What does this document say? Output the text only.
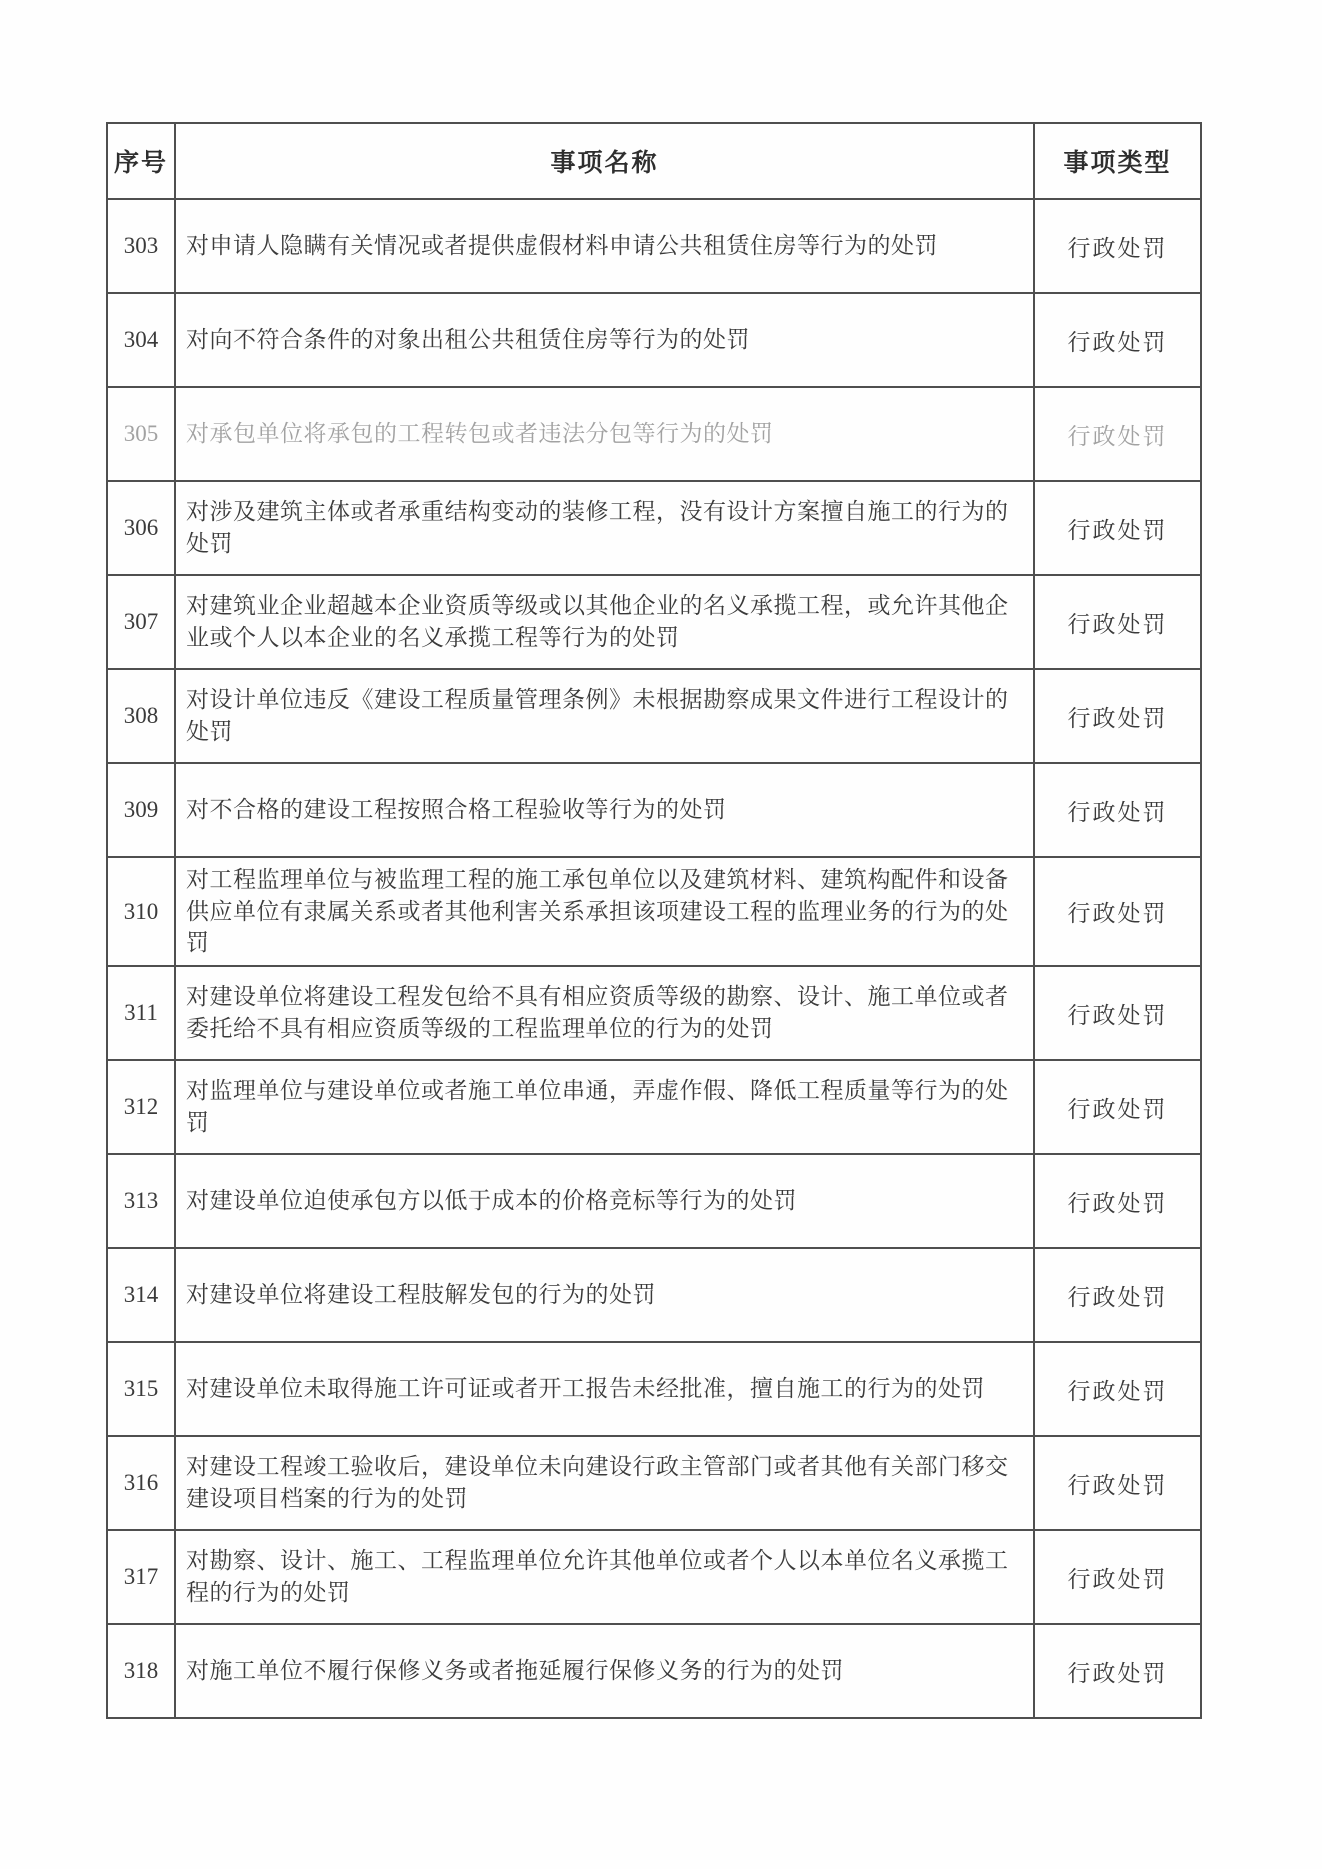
序号	事项名称	事项类型
303	对申请人隐瞒有关情况或者提供虚假材料申请公共租赁住房等行为的处罚	行政处罚
304	对向不符合条件的对象出租公共租赁住房等行为的处罚	行政处罚
305	对承包单位将承包的工程转包或者违法分包等行为的处罚	行政处罚
306	对涉及建筑主体或者承重结构变动的装修工程，没有设计方案擅自施工的行为的处罚	行政处罚
307	对建筑业企业超越本企业资质等级或以其他企业的名义承揽工程，或允许其他企业或个人以本企业的名义承揽工程等行为的处罚	行政处罚
308	对设计单位违反《建设工程质量管理条例》未根据勘察成果文件进行工程设计的处罚	行政处罚
309	对不合格的建设工程按照合格工程验收等行为的处罚	行政处罚
310	对工程监理单位与被监理工程的施工承包单位以及建筑材料、建筑构配件和设备供应单位有隶属关系或者其他利害关系承担该项建设工程的监理业务的行为的处罚	行政处罚
311	对建设单位将建设工程发包给不具有相应资质等级的勘察、设计、施工单位或者委托给不具有相应资质等级的工程监理单位的行为的处罚	行政处罚
312	对监理单位与建设单位或者施工单位串通，弄虚作假、降低工程质量等行为的处罚	行政处罚
313	对建设单位迫使承包方以低于成本的价格竞标等行为的处罚	行政处罚
314	对建设单位将建设工程肢解发包的行为的处罚	行政处罚
315	对建设单位未取得施工许可证或者开工报告未经批准，擅自施工的行为的处罚	行政处罚
316	对建设工程竣工验收后，建设单位未向建设行政主管部门或者其他有关部门移交建设项目档案的行为的处罚	行政处罚
317	对勘察、设计、施工、工程监理单位允许其他单位或者个人以本单位名义承揽工程的行为的处罚	行政处罚
318	对施工单位不履行保修义务或者拖延履行保修义务的行为的处罚	行政处罚
